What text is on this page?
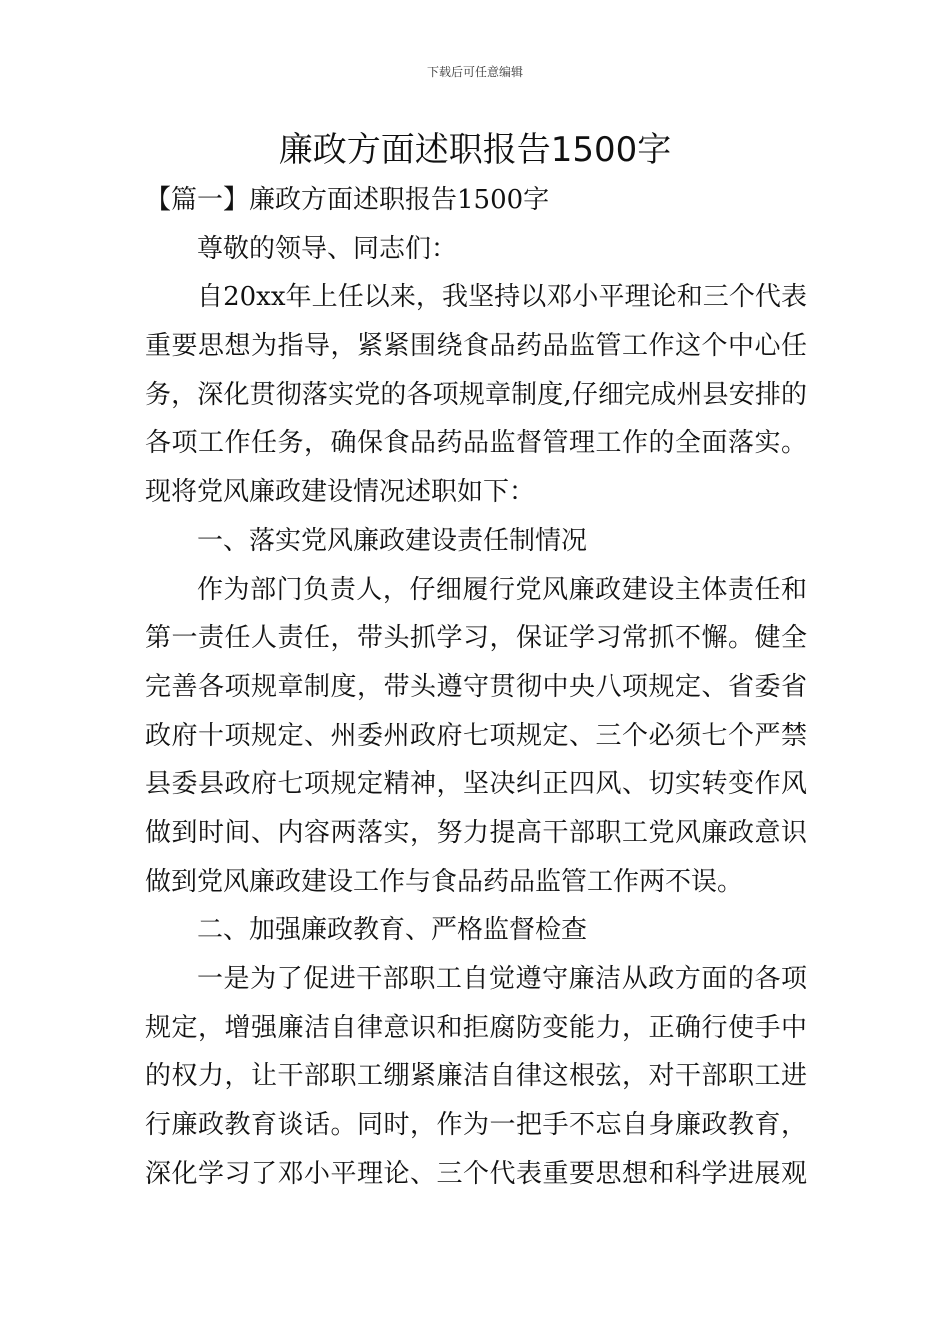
下载后可任意编辑
廉政方面述职报告1500字
【篇一】廉政方面述职报告1500字
尊敬的领导、同志们：
自20xx年上任以来，我坚持以邓小平理论和三个代表
重要思想为指导，紧紧围绕食品药品监管工作这个中心任
务，深化贯彻落实党的各项规章制度,仔细完成州县安排的
各项工作任务，确保食品药品监督管理工作的全面落实。
现将党风廉政建设情况述职如下：
一、落实党风廉政建设责任制情况
作为部门负责人，仔细履行党风廉政建设主体责任和
第一责任人责任，带头抓学习，保证学习常抓不懈。健全
完善各项规章制度，带头遵守贯彻中央八项规定、省委省
政府十项规定、州委州政府七项规定、三个必须七个严禁
县委县政府七项规定精神，坚决纠正四风、切实转变作风
做到时间、内容两落实，努力提高干部职工党风廉政意识
做到党风廉政建设工作与食品药品监管工作两不误。
二、加强廉政教育、严格监督检查
一是为了促进干部职工自觉遵守廉洁从政方面的各项
规定，增强廉洁自律意识和拒腐防变能力，正确行使手中
的权力，让干部职工绷紧廉洁自律这根弦，对干部职工进
行廉政教育谈话。同时，作为一把手不忘自身廉政教育，
深化学习了邓小平理论、三个代表重要思想和科学进展观
